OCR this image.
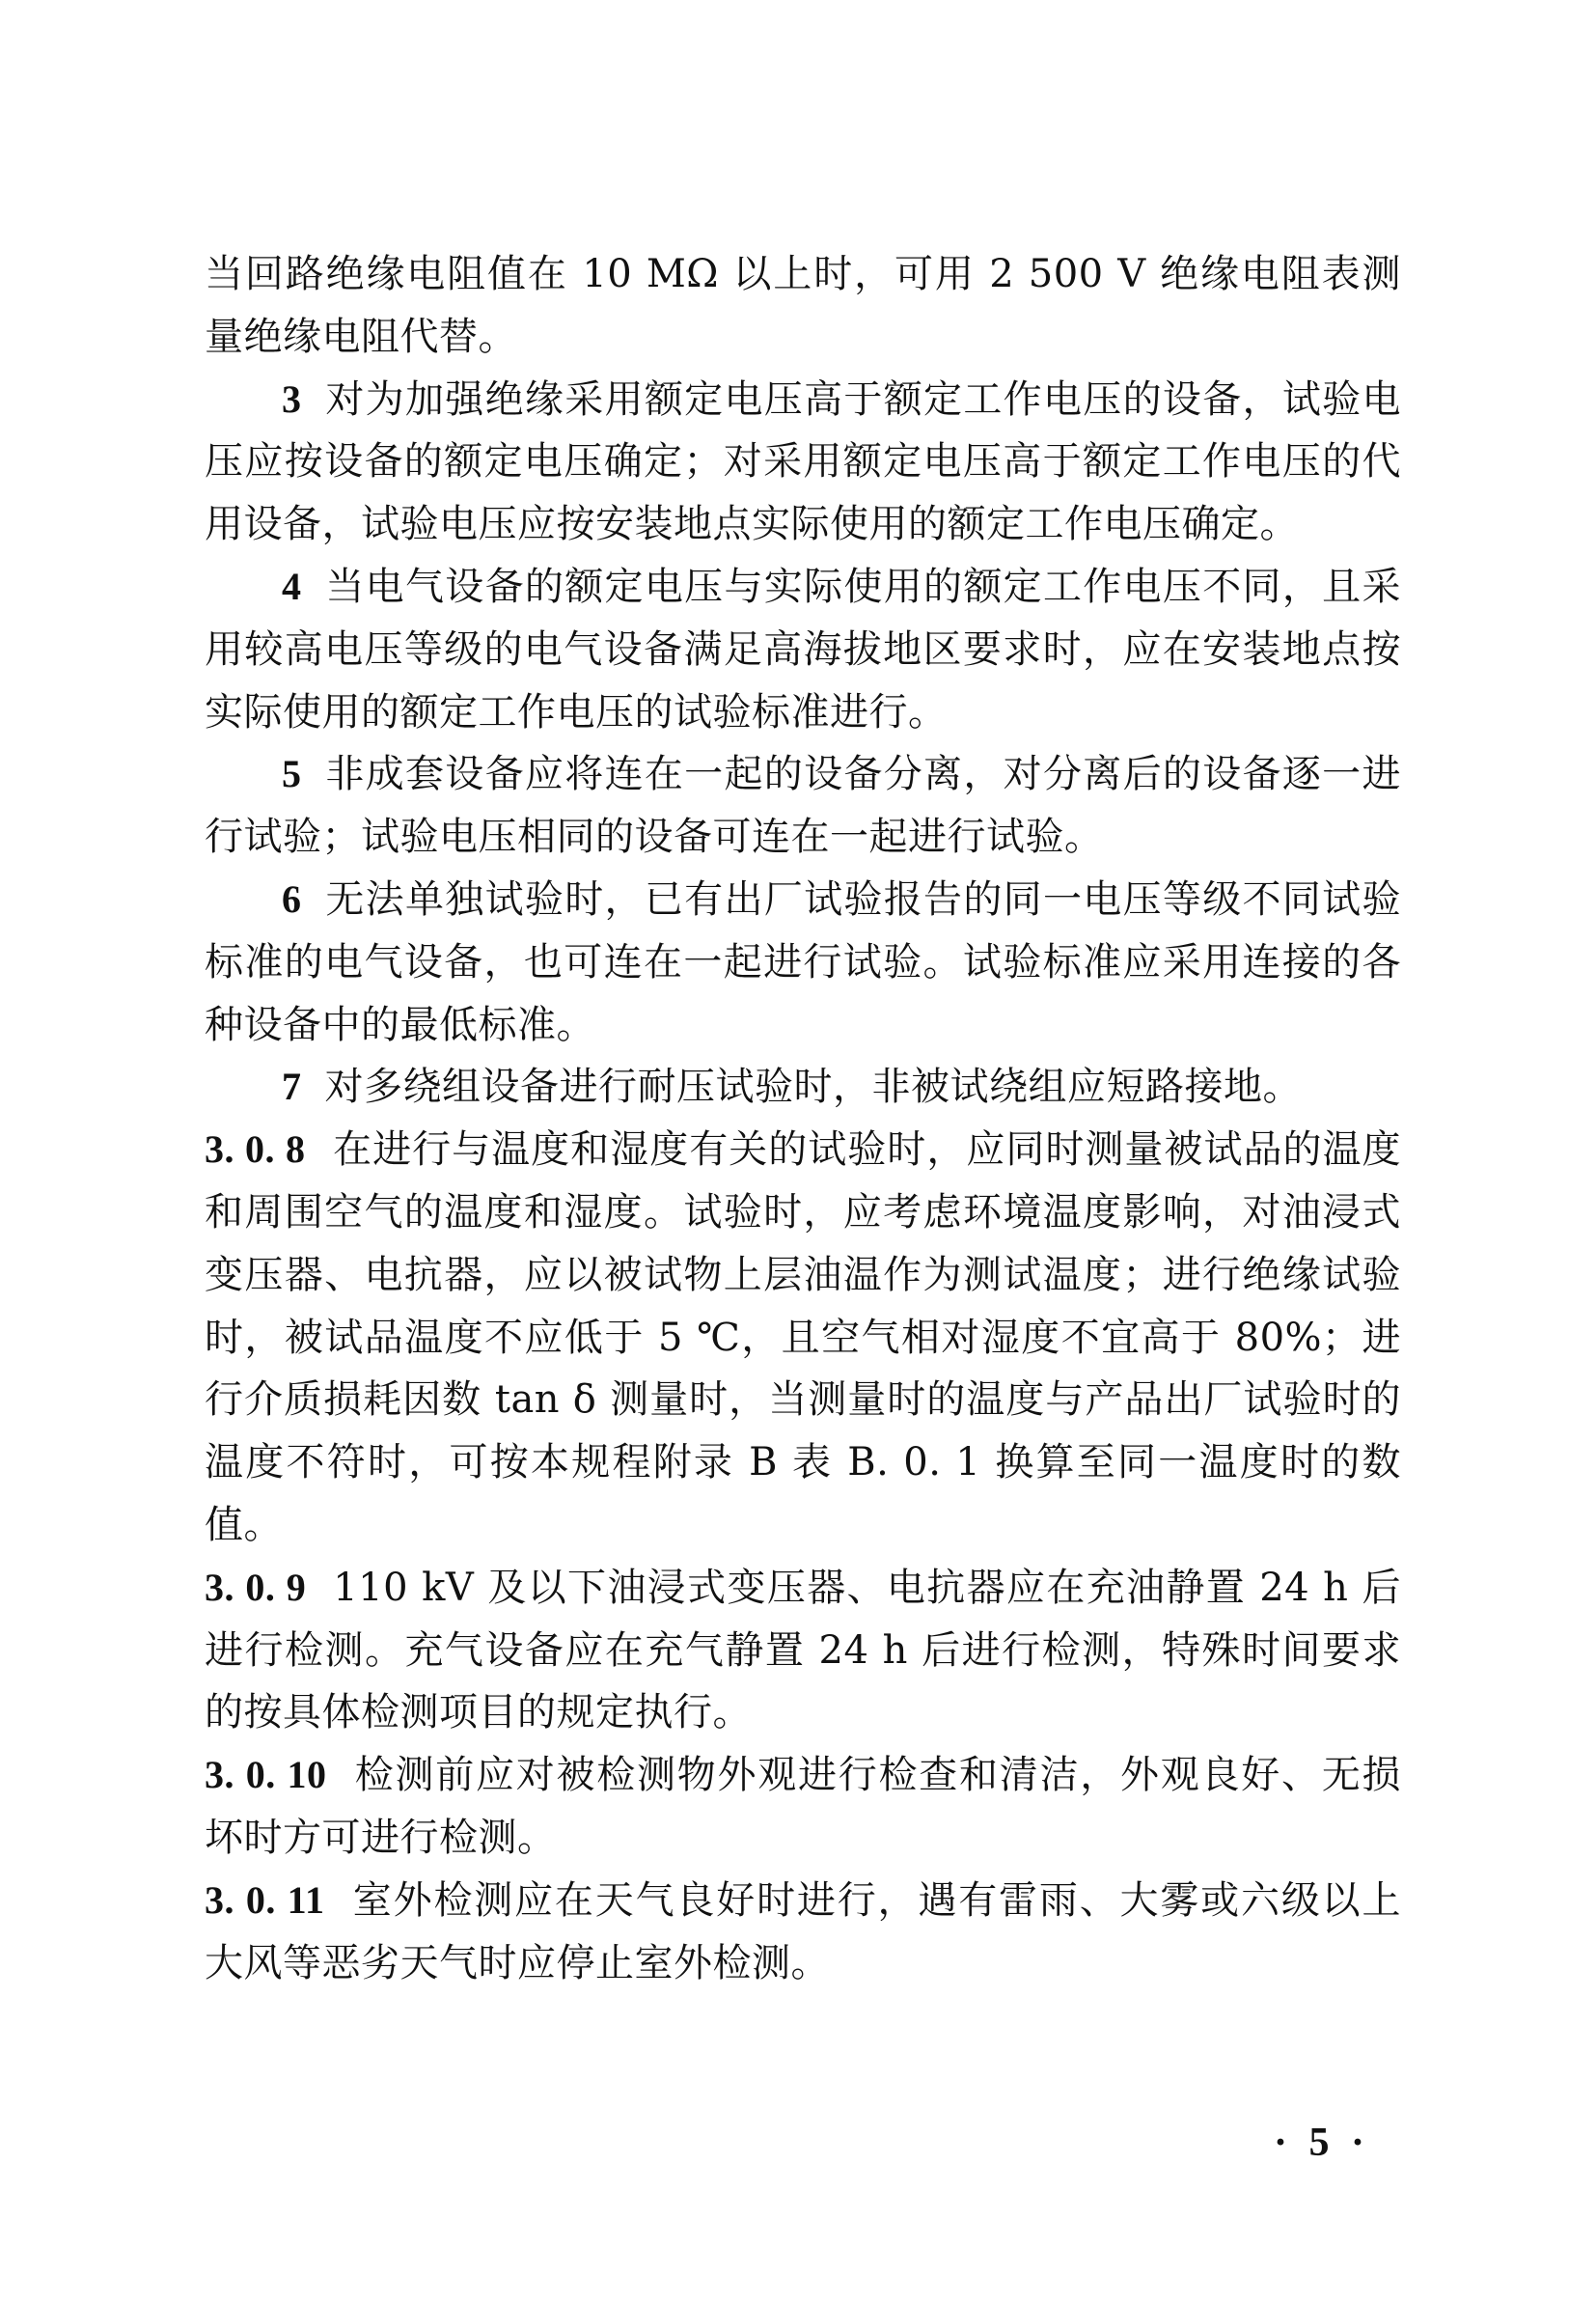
当回路绝缘电阻值在 10 MΩ 以上时，可用 2 500 V 绝缘电阻表测量绝缘电阻代替。

3 对为加强绝缘采用额定电压高于额定工作电压的设备，试验电压应按设备的额定电压确定；对采用额定电压高于额定工作电压的代用设备，试验电压应按安装地点实际使用的额定工作电压确定。

4 当电气设备的额定电压与实际使用的额定工作电压不同，且采用较高电压等级的电气设备满足高海拔地区要求时，应在安装地点按实际使用的额定工作电压的试验标准进行。

5 非成套设备应将连在一起的设备分离，对分离后的设备逐一进行试验；试验电压相同的设备可连在一起进行试验。

6 无法单独试验时，已有出厂试验报告的同一电压等级不同试验标准的电气设备，也可连在一起进行试验。试验标准应采用连接的各种设备中的最低标准。

7 对多绕组设备进行耐压试验时，非被试绕组应短路接地。

3. 0. 8 在进行与温度和湿度有关的试验时，应同时测量被试品的温度和周围空气的温度和湿度。试验时，应考虑环境温度影响，对油浸式变压器、电抗器，应以被试物上层油温作为测试温度；进行绝缘试验时，被试品温度不应低于 5 ℃，且空气相对湿度不宜高于 80%；进行介质损耗因数 tan δ 测量时，当测量时的温度与产品出厂试验时的温度不符时，可按本规程附录 B 表 B. 0. 1 换算至同一温度时的数值。

3. 0. 9 110 kV 及以下油浸式变压器、电抗器应在充油静置 24 h 后进行检测。充气设备应在充气静置 24 h 后进行检测，特殊时间要求的按具体检测项目的规定执行。

3. 0. 10 检测前应对被检测物外观进行检查和清洁，外观良好、无损坏时方可进行检测。

3. 0. 11 室外检测应在天气良好时进行，遇有雷雨、大雾或六级以上大风等恶劣天气时应停止室外检测。

· 5 ·
